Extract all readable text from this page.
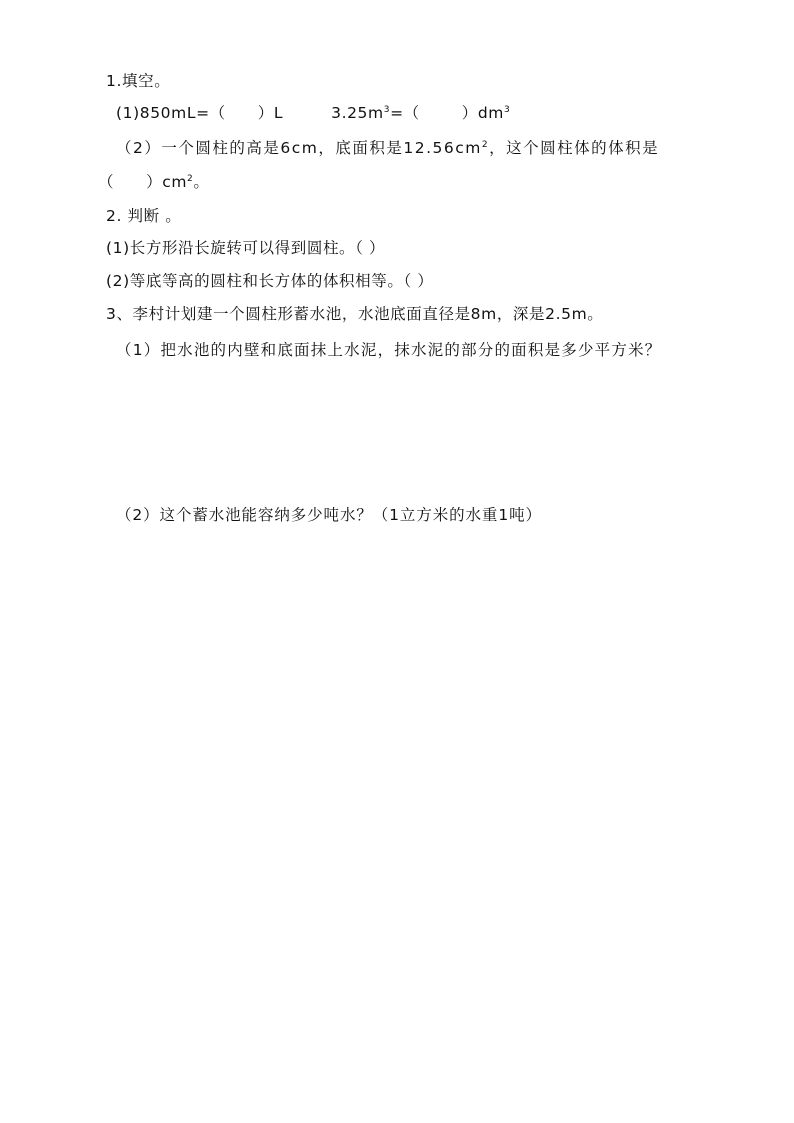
1.填空。
(1)850mL=（ ）L	$3.25m^3=$（	）$dm^3$
（2）一个圆柱的高是6cm，底面积是$12.56cm^2$，这个圆柱体的体积是
（ ）$cm^2$。
2. 判断 。
(1)长方形沿长旋转可以得到圆柱。（ ）
(2)等底等高的圆柱和长方体的体积相等。（ ）
3、李村计划建一个圆柱形蓄水池，水池底面直径是8m，深是2.5m。
（1）把水池的内壁和底面抹上水泥，抹水泥的部分的面积是多少平方米？
（2）这个蓄水池能容纳多少吨水？（1立方米的水重1吨）
